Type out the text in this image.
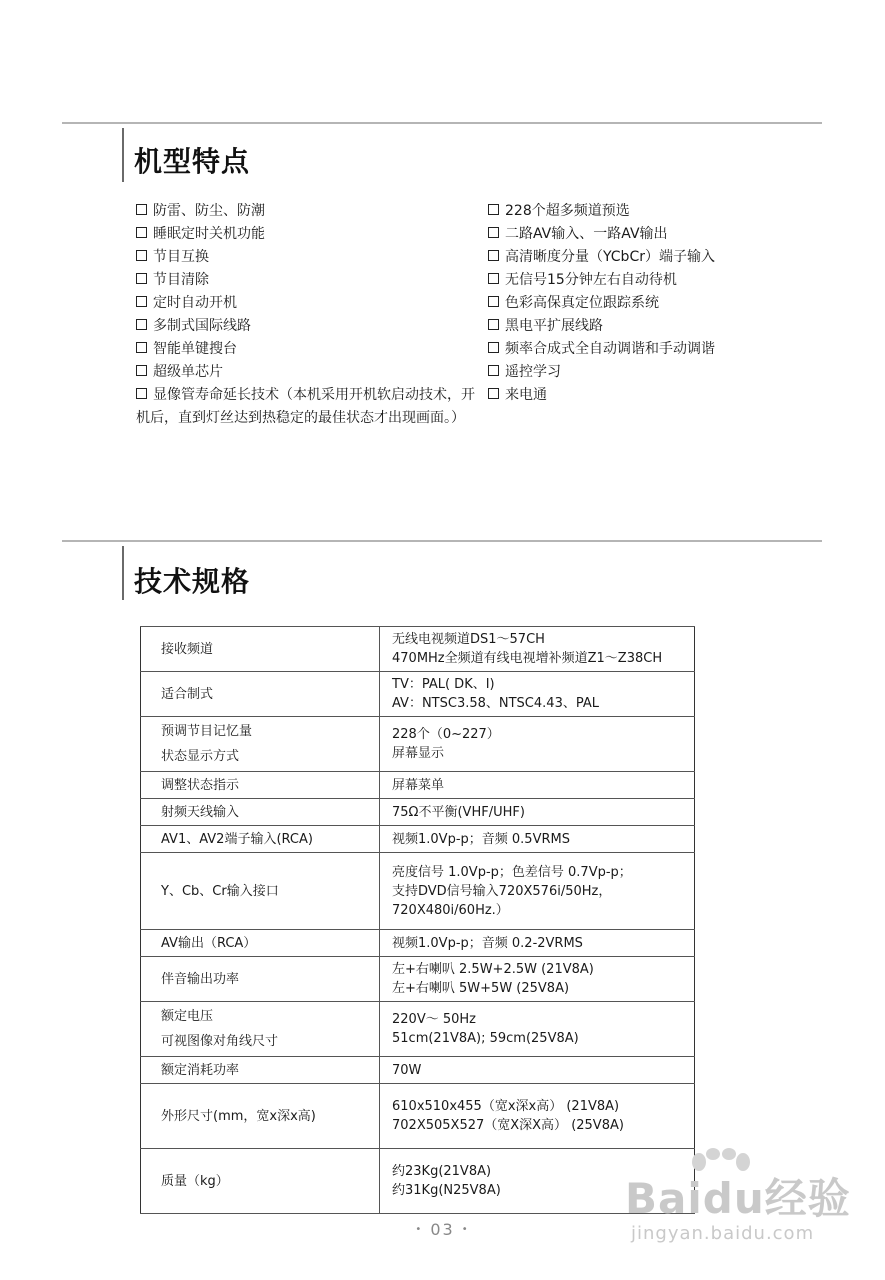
机型特点
防雷、防尘、防潮
睡眠定时关机功能
节目互换
节目清除
定时自动开机
多制式国际线路
智能单键搜台
超级单芯片
显像管寿命延长技术（本机采用开机软启动技术，开机后，直到灯丝达到热稳定的最佳状态才出现画面。）
228个超多频道预选
二路AV输入、一路AV输出
高清晰度分量（YCbCr）端子输入
无信号15分钟左右自动待机
色彩高保真定位跟踪系统
黑电平扩展线路
频率合成式全自动调谐和手动调谐
遥控学习
来电通
技术规格
接收频道	无线电视频道DS1～57CH
470MHz全频道有线电视增补频道Z1～Z38CH

适合制式	TV：PAL( DK、I)
AV：NTSC3.58、NTSC4.43、PAL

预调节目记忆量
状态显示方式	228个（0~227）
屏幕显示

调整状态指示	屏幕菜单

射频天线输入	75Ω不平衡(VHF/UHF)

AV1、AV2端子输入(RCA)	视频1.0Vp-p；音频 0.5VRMS

Y、Cb、Cr输入接口	亮度信号 1.0Vp-p；色差信号 0.7Vp-p；
支持DVD信号输入720X576i/50Hz，
720X480i/60Hz.）

AV输出（RCA）	视频1.0Vp-p；音频 0.2-2VRMS

伴音输出功率	左+右喇叭 2.5W+2.5W (21V8A)
左+右喇叭 5W+5W (25V8A)

额定电压
可视图像对角线尺寸	220V～ 50Hz
51cm(21V8A); 59cm(25V8A)

额定消耗功率	70W

外形尺寸(mm，宽x深x高)	610x510x455（宽x深x高） (21V8A)
702X505X527（宽X深X高） (25V8A)

质量（kg）	约23Kg(21V8A)
约31Kg(N25V8A)
• 03 •
Baidu经验
jingyan.baidu.com
